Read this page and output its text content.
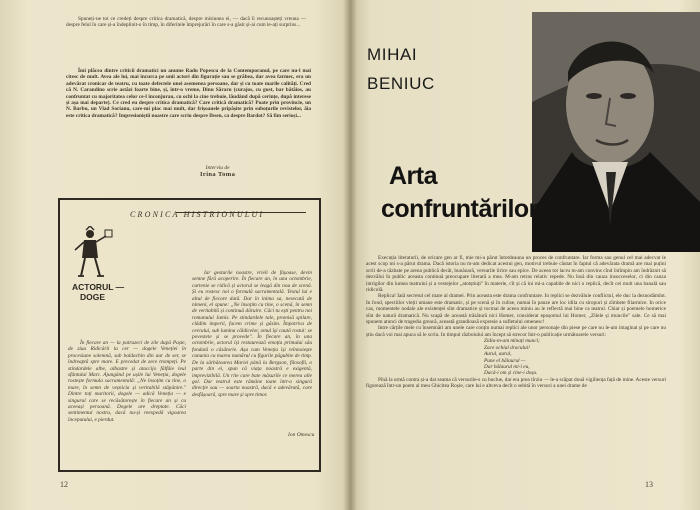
Spuneți-ne tot ce credeți despre critica dramatică, despre misiunea ei, — dacă îi recunoașteți vreuna — despre felul în care și-a îndeplinit-o în timp, în diferitele împrejurări în care s-a găsit și-ai cum le-ați surprins...

Îmi plăcea dintre criticii dramatici un anume Radu Popescu de la Contemporanul, pe care nu-l mai citesc de mult. Avea ale lui, mai încurca pe unii actori din figurație sau se grăbea, dar avea farmec, era un adevărat cronicar de teatru, cu toate defectele unei asemenea persoane, dar și cu toate marile calități. Cred că N. Carandino scrie astăzi foarte bine, și, într-o vreme, Dinu Săraru (curajos, cu gust, bar bătăios, au confruntat cu majoritatea celor ce-l înconjurau, cu ochi la cine trebuie, lăudând după cerințe, după interese și așa mai departe). Ce cred eu despre critica dramatică? Care critică dramatică? Poate prin provincie, un N. Barbu, un Vlad Sorianu, care-mi plac mai mult, dar frișoanele pripășite prin suboțurile revistelor, ăia este critica dramatică? Impresioniștii noastre care scriu despre Ibsen, ca despre Bardot? Să fim serioși...

Interviu de
Irina Toma
CRONICA HISTRIONULUI
ACTORUL —
DOGE

În fiecare an — la patruzeci de zile după Paște, de ziua Ridicării la cer — dogele Veneției în procesiune solemnă, sub baldachin din aur de ser, se îndreaptă spre mare. E precedat de zece trompeți. Pe stindardele albe, albastre și ataccijo fâlfâie leul sfântului Marc. Ajungând pe ușile lui Veneția, dogele rostește formula sacramentală: „Ne însoțim cu tine, o mare, în semn de veșnicia și veritabilă stăpânire." Dintre toți muritorii, dogele — adică Veneția — e singurul care se recăsătorește în fiecare an și cu aceeași persoană. Dogele are dreptate. Căci sentimentul nostru, dacă nu-și reexpedă vigoarea începutului, e pierdut.

Iar gesturile noastre, vrieli de fâșoase, devin semne fără acoperire. În fiecare an, în una octombrie, curtenie se ridică și actorul se leagă din nou de scenă. Și eu rostesc noi o formulă sacramentală. Textul lui e altul de fiecare dată. Dar în inima sa, nesecată de nimeni, el spune: „Ne însoțim cu tine, o scenă, în semn de veritabilă și continuă dăruire. Căci tu ești pentru noi romanului Jamis. Pe stindardele tale, promisă spilare, clădim imperii, facem crime și găsim. Împotriva de cercului, sub lumina căldicelor, omul își caută rostul: se povestete și se provede". În fiecare an, în una octombrie, actorul își restaurează emoția primului său fondată o căsătorie. Așa cum Veneția își reînnoiește cununia cu marea numărul cu figurile păgubite de timp. De la sărbătoarea Mariei până la Bergson, filosofii, o parte din ei, spun că viața noastră e exigentă, imprevizibilă. Un rite care bate măsurile ce merea alle gol. Dar teatrul este rămâne toate într-o singură direcție sau — soarta noastră, dacă e adevărată, care desfășoară, spre mare și spre timor.

Ion Omescu
12
MIHAI
BENIUC
Arta
confruntărilor

Execuția literaturii, de oricare gen ar fi, mie mi-a părut întotdeauna un proces de confruntare. Iar forma sau genul cel mai adecvat le acest scop mi s-a părut drama. Dacă istoria nu m-am dedicat acestui gen, motivul trebuie căutat în faptul că adevărata dramă are mai puțini scrii de-a răzbate pe arena publică decât, bunăoară, versurile lirice sau epice. De aceea tot lacru m-am convins cînd întîmpin am îndrăznit să dezvălui în public aceasta continuă preocupare literară a mea. M-am retras relativ repede. Nu însă din cauza insucceselor, ci din cauza intrigilor din lumea teatrului și a vestejelor „atotștiuți" în materie, cît și că ini mi-a capabile de nici o replică, decît cei mult una banală sau ridicolă.

Replica! Iată secretul cel mare al dramei. Prin aceasta este drama confruntare. In replici se dezvăluie conflictul, ele duc la deznodămînt. In fond, spectiilor vieții umane este dramatic, și pe scenă și în culise, numai în pauze are loc idila cu siropuri și zîmbete filarmice. In orice caz, momentele nodale ale existenței sînt dramatice și tocmai de aceea miniu au le reflectă mai bine ca teatrul. Chiar și poemele homerice sînt de natură dramatică. Nu scapă de această trăsătură nici Homer, considerat epoșomul lui Homer, „Zilele și muncile" sale. Ce să mai spunem atunci de tragedia greacă, această grandioasă expresie a sufletului omenesc!

Intre cărțile mele cu însemnări am unele care conțin numai replici ale unor personaje din piese pe care nu le-am imaginat și pe care nu știu dacă voi mai apuca să le scriu. In timpul războiului am încept să strecor într-o publicație următoarele versuri:

Zidiu-m-am mînați munci;

Zace ochiul dracului!

Aurul, aurul,

Pune el bălaurul —

Dar bălaurul mi-i eu,

Dacă-i om și cine-i doșu.

Pînă la urmă contra și-a dat seama că versurile-s cu buclue, dar era prea tîrziu — le-a scăpat două vigiliența față de mine. Aceste versuri figurează într-un poem al meu Ghicitea Roșie, care lui e altceva decît o sebită în versuri a unei drame de

13
